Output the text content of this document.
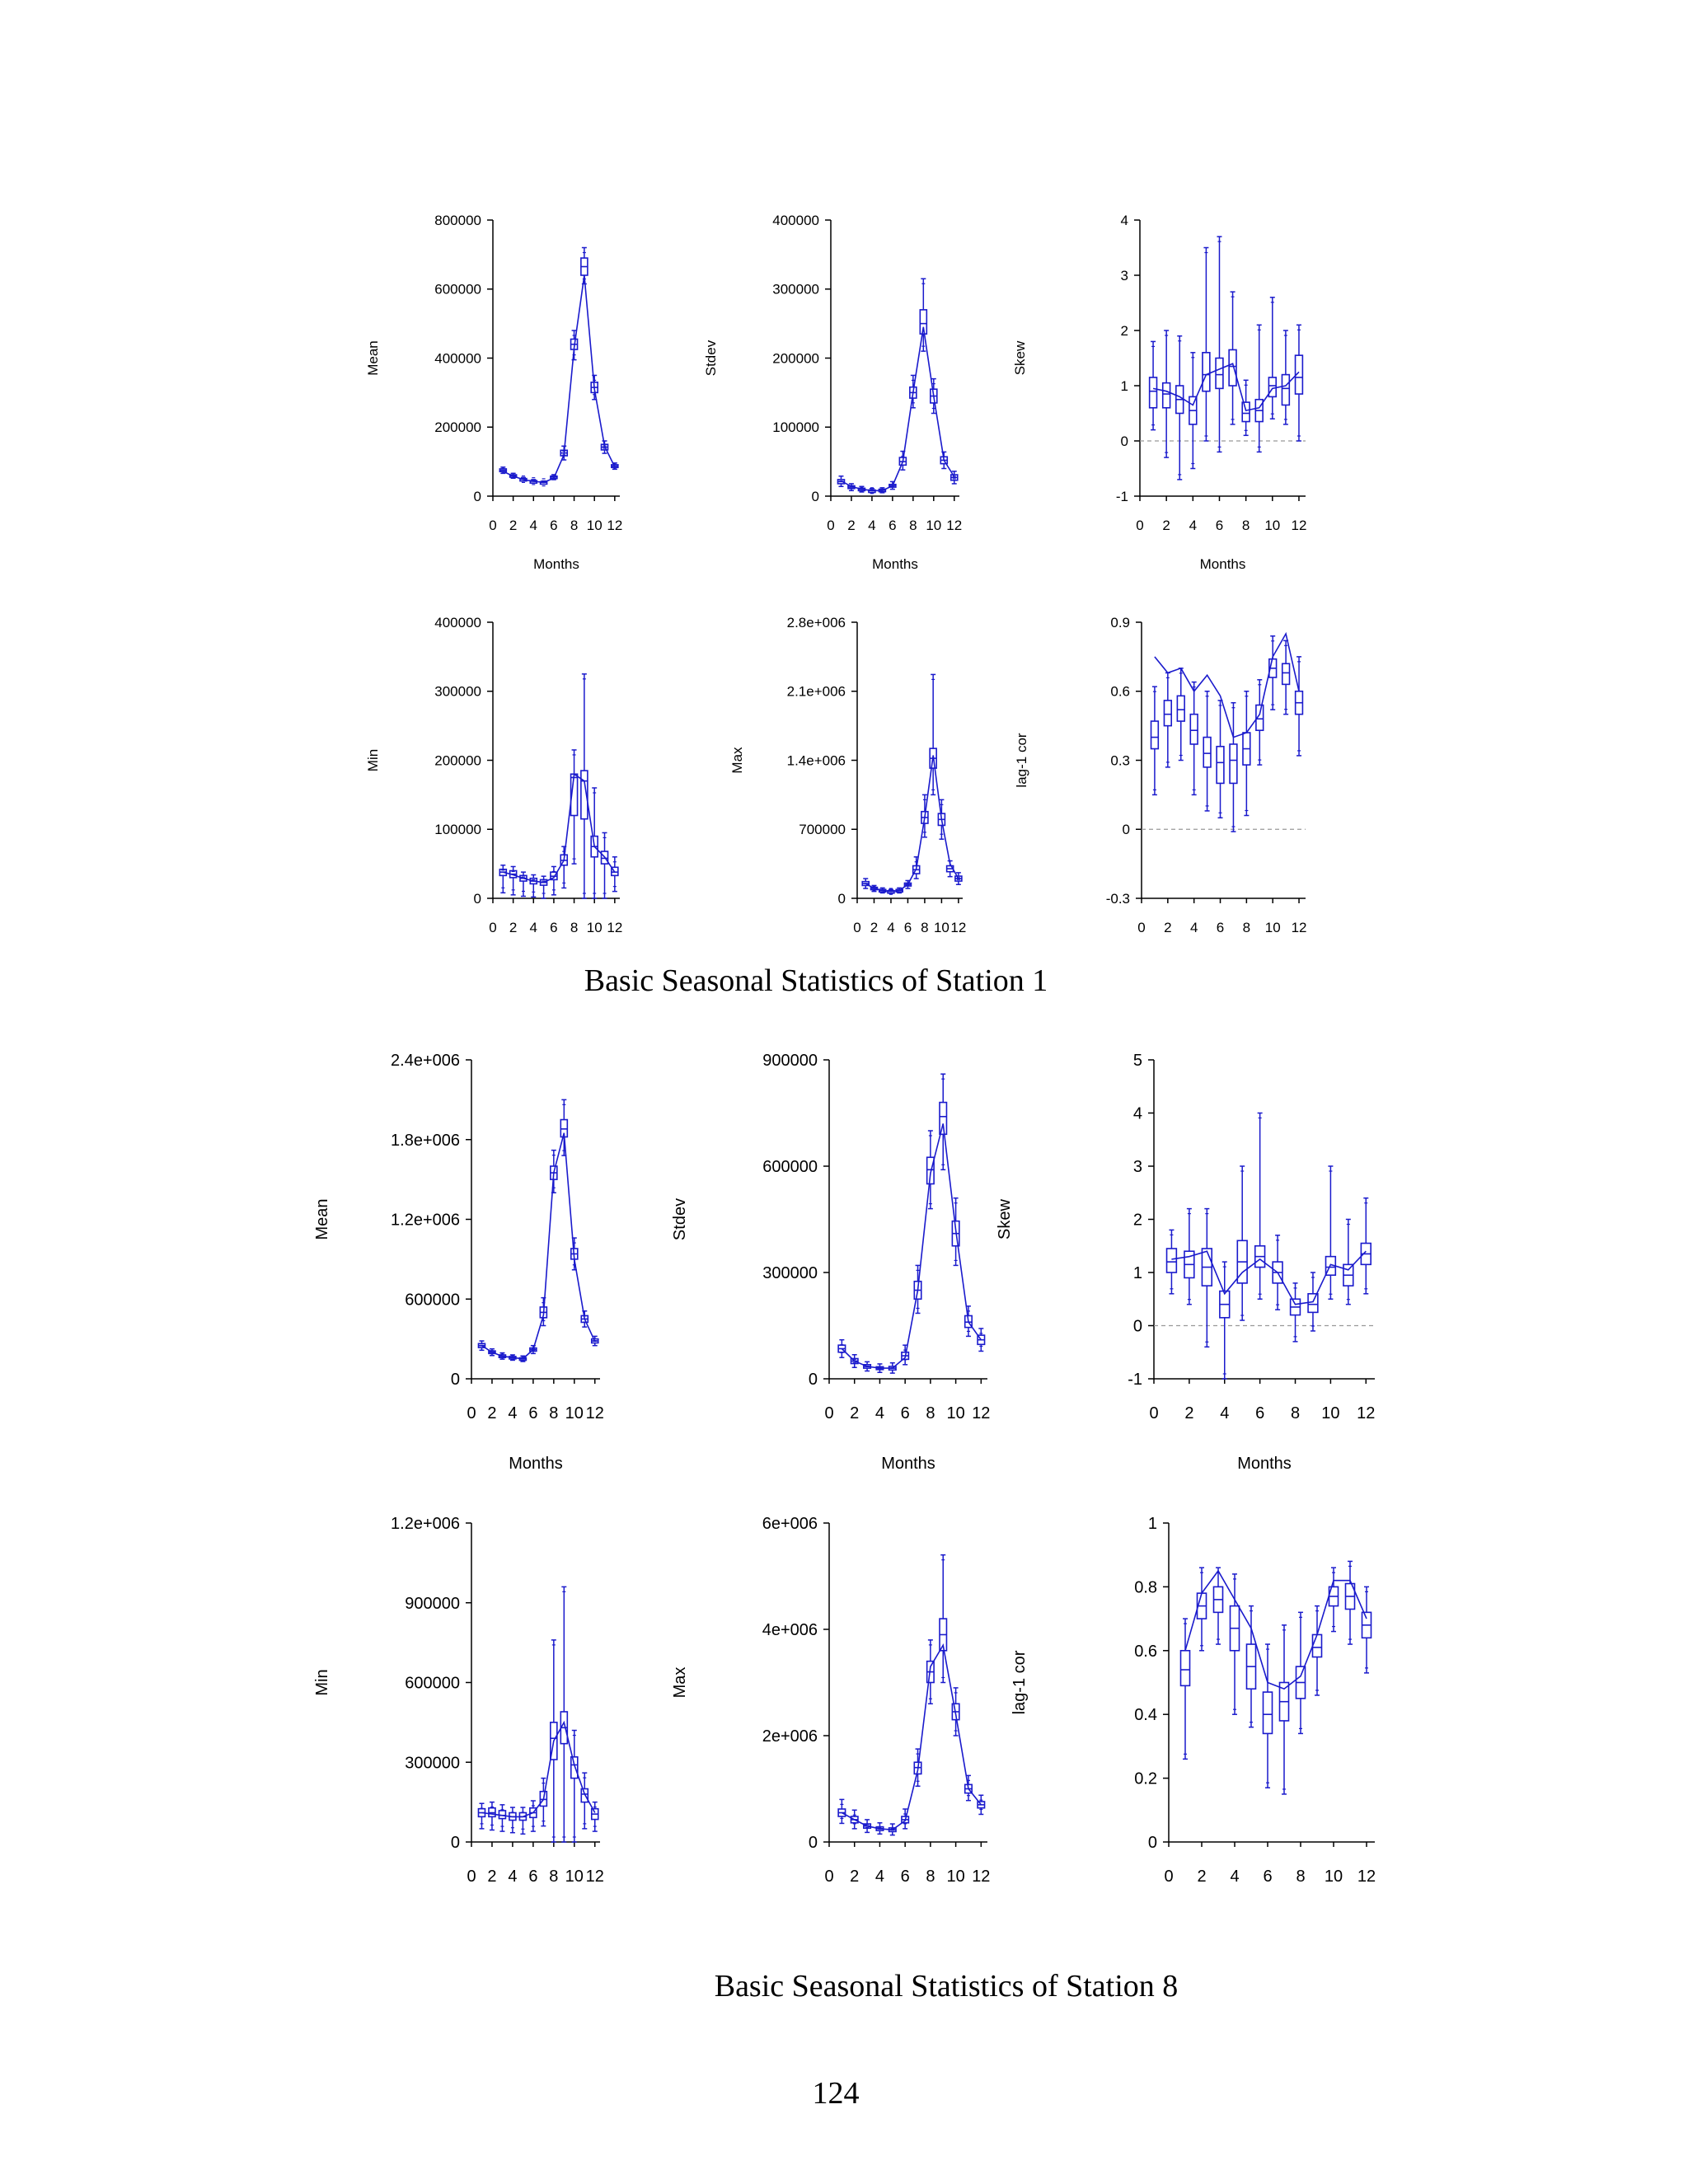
0
200000
400000
600000
800000
0 2 4 6 8 10 12
Mean
Months
0
100000
200000
300000
400000
0 2 4 6 8 10 12
Stdev
Months
-1
0
1
2
3
4
0 2 4 6 8 10 12
Skew
Months
0
100000
200000
300000
400000
0 2 4 6 8 10 12
Min
0
700000
1.4e+006
2.1e+006
2.8e+006
0 2 4 6 8 10 12
Max
-0.3
0
0.3
0.6
0.9
0 2 4 6 8 10 12
lag-1 cor
0
600000
1.2e+006
1.8e+006
2.4e+006
0 2 4 6 8 10 12
Mean
Months
0
300000
600000
900000
0 2 4 6 8 10 12
Stdev
Months
-1
0
1
2
3
4
5
0 2 4 6 8 10 12
Skew
Months
0
300000
600000
900000
1.2e+006
0 2 4 6 8 10 12
Min
0
2e+006
4e+006
6e+006
0 2 4 6 8 10 12
Max
0
0.2
0.4
0.6
0.8
1
0 2 4 6 8 10 12
lag-1 cor
Basic Seasonal Statistics of Station 1
Basic Seasonal Statistics of Station 8
124
